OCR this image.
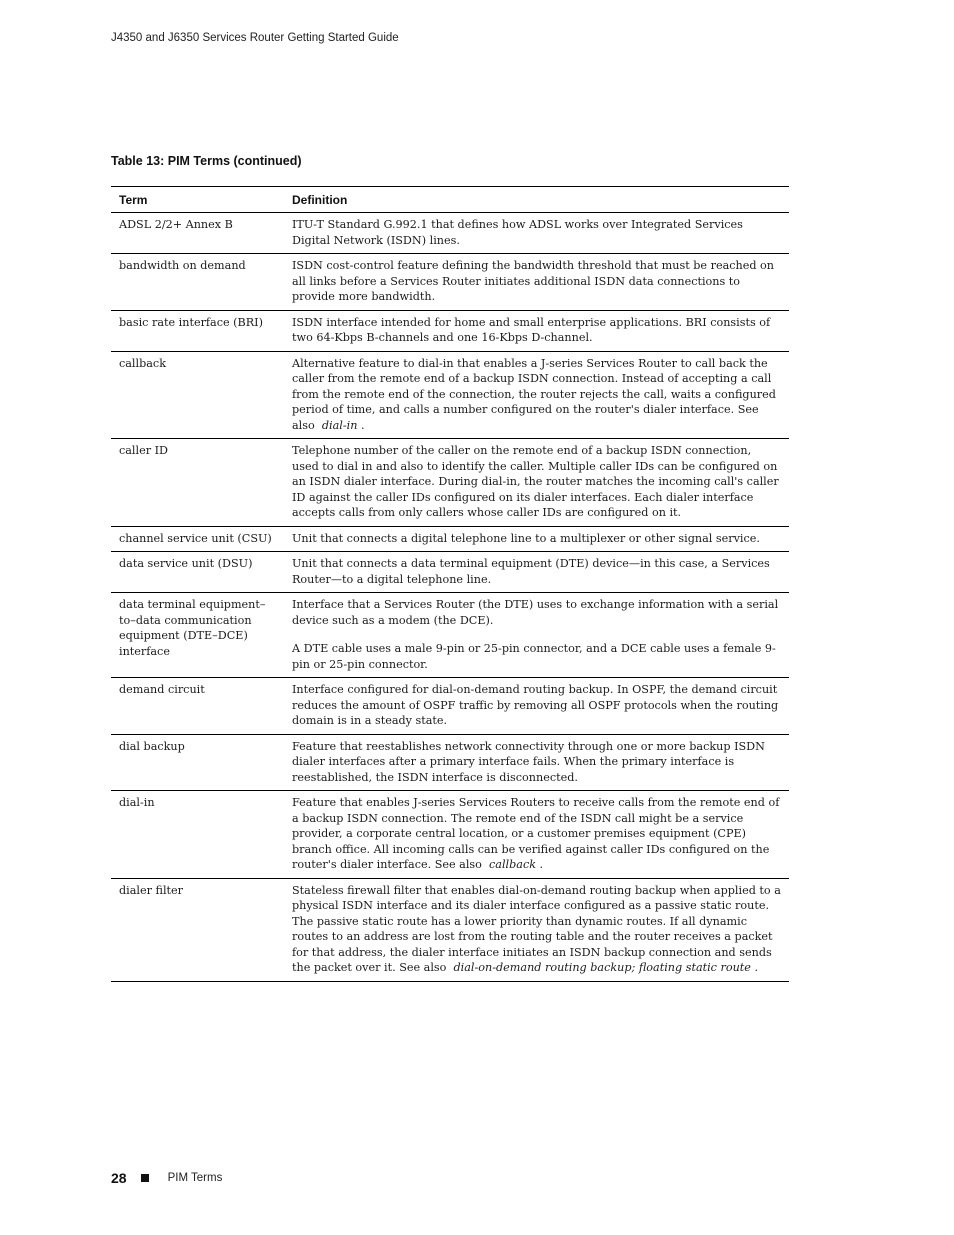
J4350 and J6350 Services Router Getting Started Guide
Table 13: PIM Terms (continued)
Term	Definition
ADSL 2/2+ Annex B	ITU-T Standard G.992.1 that defines how ADSL works over Integrated Services Digital Network (ISDN) lines.

bandwidth on demand	ISDN cost-control feature defining the bandwidth threshold that must be reached on all links before a Services Router initiates additional ISDN data connections to provide more bandwidth.

basic rate interface (BRI)	ISDN interface intended for home and small enterprise applications. BRI consists of two 64-Kbps B-channels and one 16-Kbps D-channel.

callback	Alternative feature to dial-in that enables a J-series Services Router to call back the caller from the remote end of a backup ISDN connection. Instead of accepting a call from the remote end of the connection, the router rejects the call, waits a configured period of time, and calls a number configured on the router's dialer interface. See also dial-in .

caller ID	Telephone number of the caller on the remote end of a backup ISDN connection, used to dial in and also to identify the caller. Multiple caller IDs can be configured on an ISDN dialer interface. During dial-in, the router matches the incoming call's caller ID against the caller IDs configured on its dialer interfaces. Each dialer interface accepts calls from only callers whose caller IDs are configured on it.

channel service unit (CSU)	Unit that connects a digital telephone line to a multiplexer or other signal service.

data service unit (DSU)	Unit that connects a data terminal equipment (DTE) device—in this case, a Services Router—to a digital telephone line.

data terminal equipment–to–data communication equipment (DTE–DCE) interface	Interface that a Services Router (the DTE) uses to exchange information with a serial device such as a modem (the DCE).

A DTE cable uses a male 9-pin or 25-pin connector, and a DCE cable uses a female 9-pin or 25-pin connector.

demand circuit	Interface configured for dial-on-demand routing backup. In OSPF, the demand circuit reduces the amount of OSPF traffic by removing all OSPF protocols when the routing domain is in a steady state.

dial backup	Feature that reestablishes network connectivity through one or more backup ISDN dialer interfaces after a primary interface fails. When the primary interface is reestablished, the ISDN interface is disconnected.

dial-in	Feature that enables J-series Services Routers to receive calls from the remote end of a backup ISDN connection. The remote end of the ISDN call might be a service provider, a corporate central location, or a customer premises equipment (CPE) branch office. All incoming calls can be verified against caller IDs configured on the router's dialer interface. See also callback .

dialer filter	Stateless firewall filter that enables dial-on-demand routing backup when applied to a physical ISDN interface and its dialer interface configured as a passive static route. The passive static route has a lower priority than dynamic routes. If all dynamic routes to an address are lost from the routing table and the router receives a packet for that address, the dialer interface initiates an ISDN backup connection and sends the packet over it. See also dial-on-demand routing backup; floating static route .

28	PIM Terms
